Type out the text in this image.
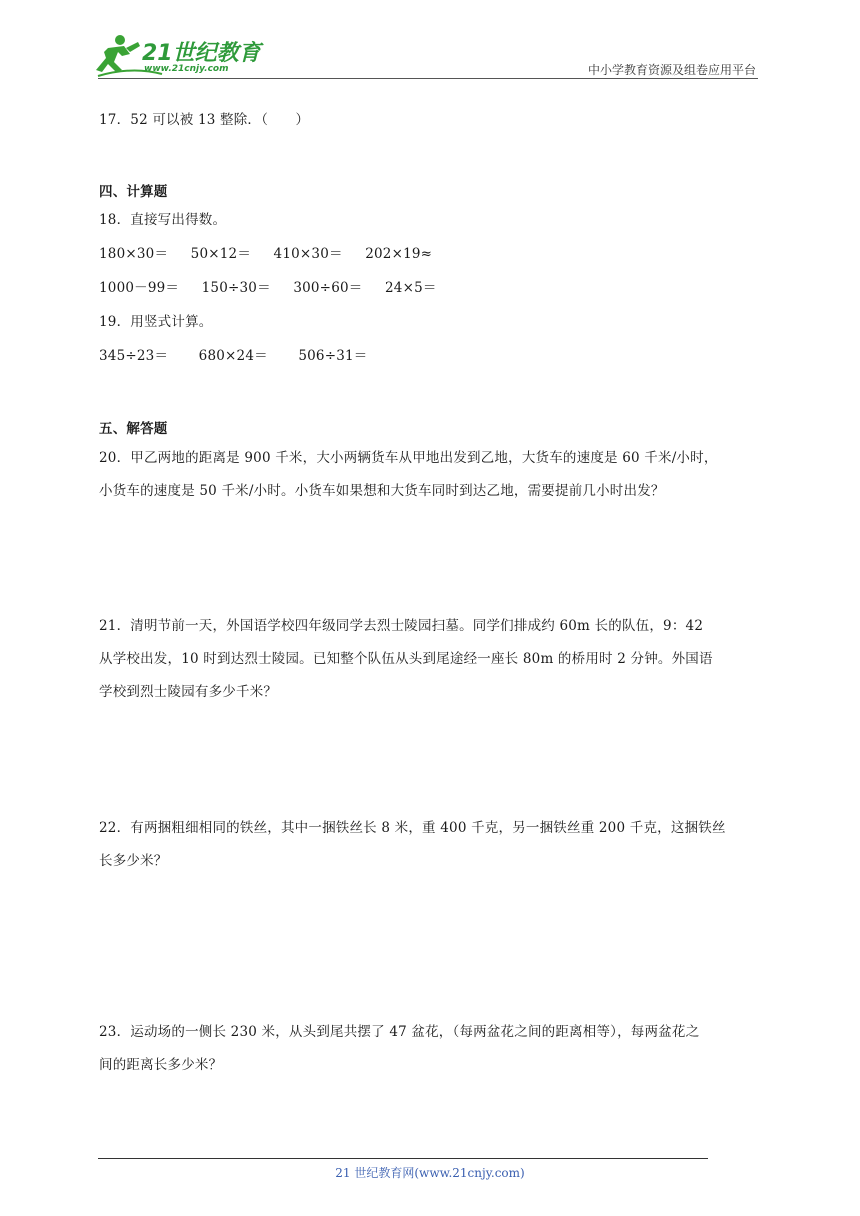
21世纪教育
www.21cnjy.com	中小学教育资源及组卷应用平台
17．52 可以被 13 整除．（　　）
四、计算题
18．直接写出得数。
180×30＝ 50×12＝ 410×30＝ 202×19≈
1000－99＝ 150÷30＝ 300÷60＝ 24×5＝
19．用竖式计算。
345÷23＝ 680×24＝ 506÷31＝
五、解答题
20．甲乙两地的距离是 900 千米，大小两辆货车从甲地出发到乙地，大货车的速度是 60 千米/小时，
小货车的速度是 50 千米/小时。小货车如果想和大货车同时到达乙地，需要提前几小时出发？
21．清明节前一天，外国语学校四年级同学去烈士陵园扫墓。同学们排成约 60m 长的队伍，9：42
从学校出发，10 时到达烈士陵园。已知整个队伍从头到尾途经一座长 80m 的桥用时 2 分钟。外国语
学校到烈士陵园有多少千米？
22．有两捆粗细相同的铁丝，其中一捆铁丝长 8 米，重 400 千克，另一捆铁丝重 200 千克，这捆铁丝
长多少米？
23．运动场的一侧长 230 米，从头到尾共摆了 47 盆花，（每两盆花之间的距离相等），每两盆花之
间的距离长多少米？
21 世纪教育网(www.21cnjy.com)
